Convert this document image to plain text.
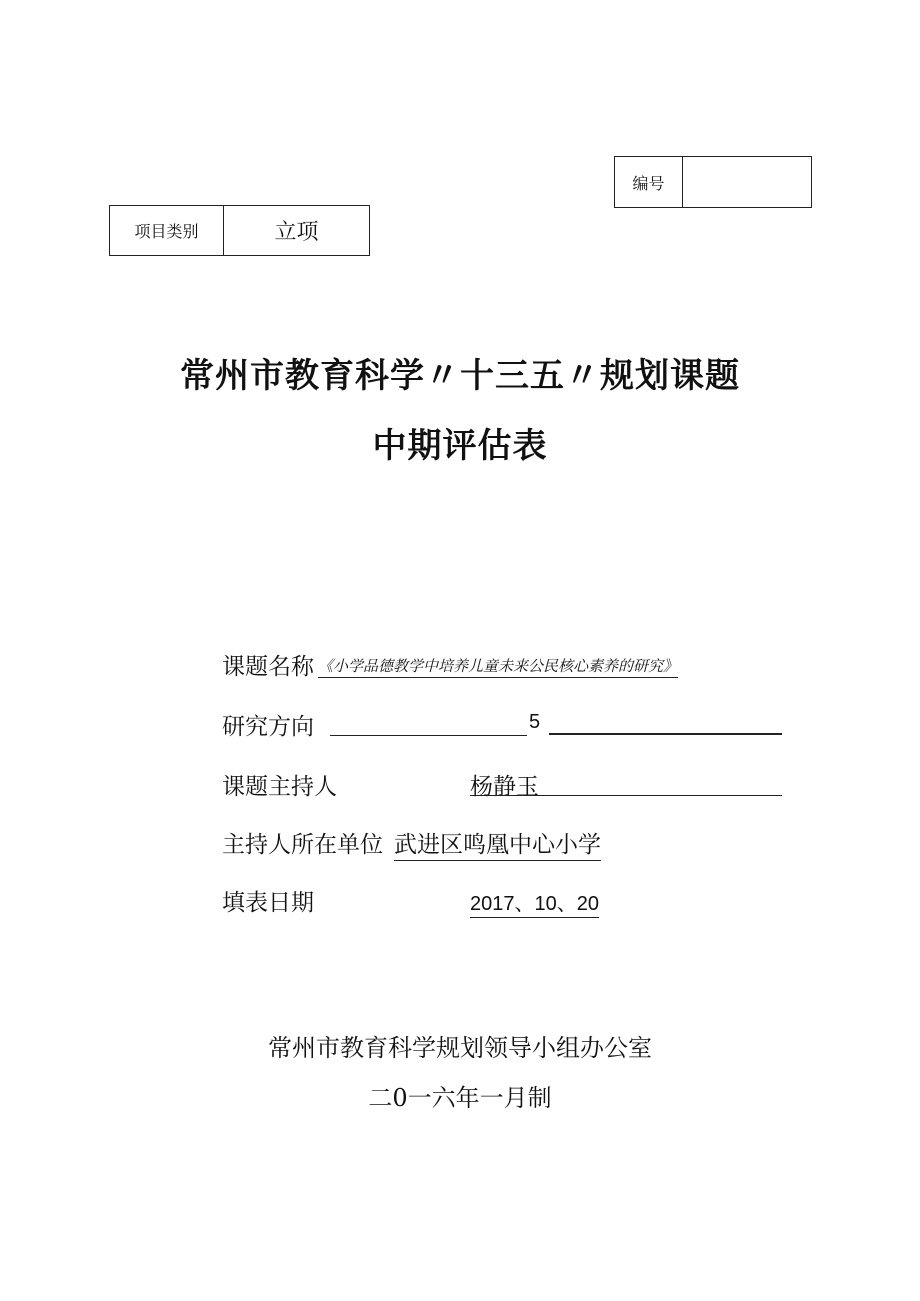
编号
项目类别	立项
常州市教育科学〃十三五〃规划课题
中期评估表
课题名称 《小学品德教学中培养儿童未来公民核心素养的研究》
研究方向	5
课题主持人	杨静玉
主持人所在单位 武进区鸣凰中心小学
填表日期	2017、10、20
常州市教育科学规划领导小组办公室
二0一六年一月制
